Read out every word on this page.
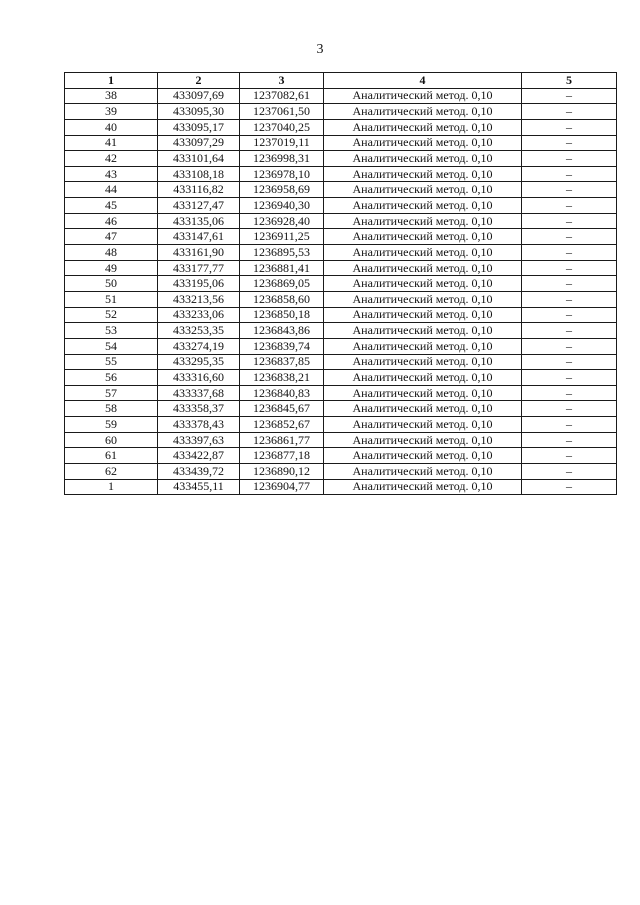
3
1	2	3	4	5
38	433097,69	1237082,61	Аналитический метод. 0,10	–
39	433095,30	1237061,50	Аналитический метод. 0,10	–
40	433095,17	1237040,25	Аналитический метод. 0,10	–
41	433097,29	1237019,11	Аналитический метод. 0,10	–
42	433101,64	1236998,31	Аналитический метод. 0,10	–
43	433108,18	1236978,10	Аналитический метод. 0,10	–
44	433116,82	1236958,69	Аналитический метод. 0,10	–
45	433127,47	1236940,30	Аналитический метод. 0,10	–
46	433135,06	1236928,40	Аналитический метод. 0,10	–
47	433147,61	1236911,25	Аналитический метод. 0,10	–
48	433161,90	1236895,53	Аналитический метод. 0,10	–
49	433177,77	1236881,41	Аналитический метод. 0,10	–
50	433195,06	1236869,05	Аналитический метод. 0,10	–
51	433213,56	1236858,60	Аналитический метод. 0,10	–
52	433233,06	1236850,18	Аналитический метод. 0,10	–
53	433253,35	1236843,86	Аналитический метод. 0,10	–
54	433274,19	1236839,74	Аналитический метод. 0,10	–
55	433295,35	1236837,85	Аналитический метод. 0,10	–
56	433316,60	1236838,21	Аналитический метод. 0,10	–
57	433337,68	1236840,83	Аналитический метод. 0,10	–
58	433358,37	1236845,67	Аналитический метод. 0,10	–
59	433378,43	1236852,67	Аналитический метод. 0,10	–
60	433397,63	1236861,77	Аналитический метод. 0,10	–
61	433422,87	1236877,18	Аналитический метод. 0,10	–
62	433439,72	1236890,12	Аналитический метод. 0,10	–
1	433455,11	1236904,77	Аналитический метод. 0,10	–
